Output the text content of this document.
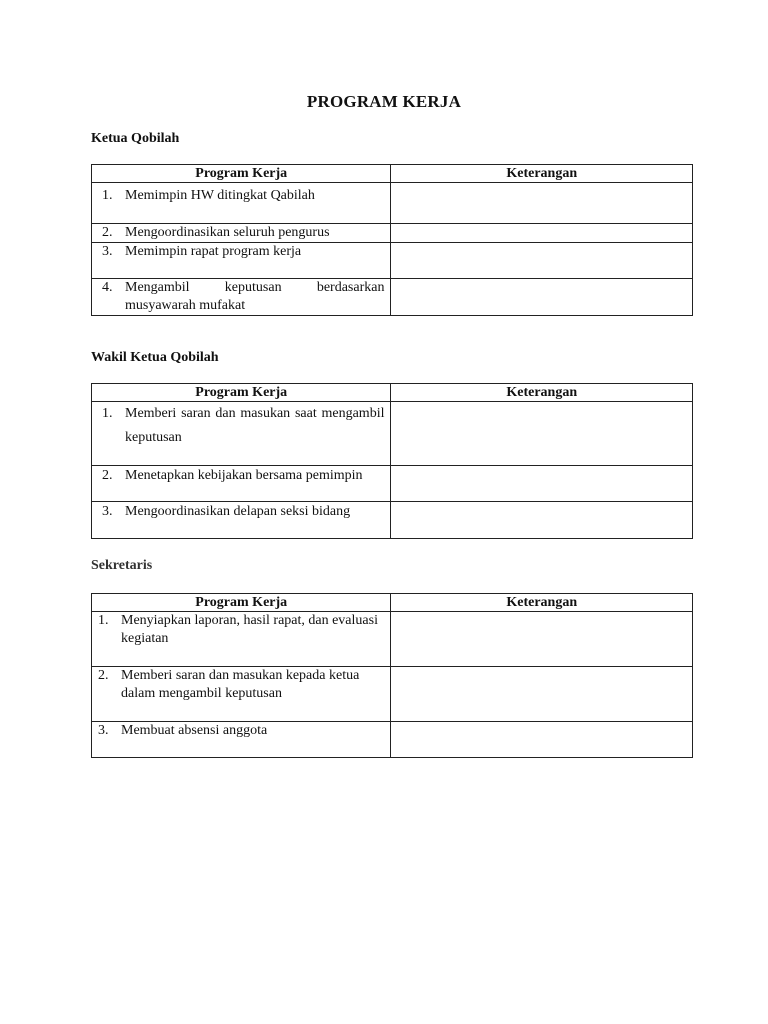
PROGRAM KERJA
Ketua Qobilah
Program Kerja	Keterangan

1. Memimpin HW ditingkat Qabilah	

2. Mengoordinasikan seluruh pengurus	

3. Memimpin rapat program kerja	

4. Mengambil keputusan berdasarkan musyawarah mufakat	

Wakil Ketua Qobilah
Program Kerja	Keterangan

1. Memberi saran dan masukan saat mengambil keputusan	

2. Menetapkan kebijakan bersama pemimpin	

3. Mengoordinasikan delapan seksi bidang	

Sekretaris
Program Kerja	Keterangan

1. Menyiapkan laporan, hasil rapat, dan evaluasi kegiatan	

2. Memberi saran dan masukan kepada ketua dalam mengambil keputusan	

3. Membuat absensi anggota	
